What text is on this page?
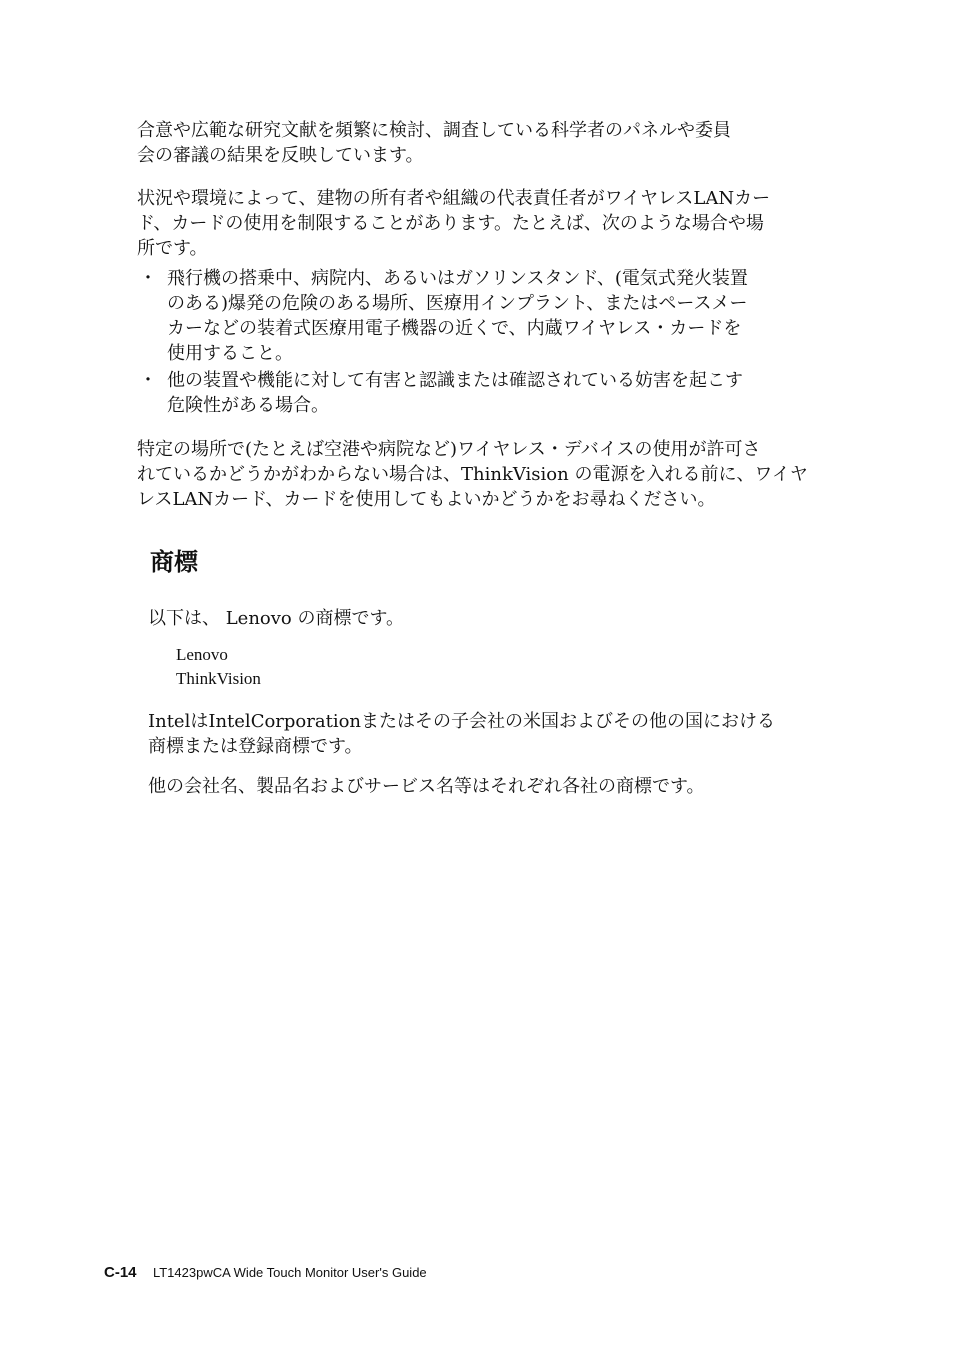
合意や広範な研究文献を頻繁に検討、調査している科学者のパネルや委員
会の審議の結果を反映しています。
状況や環境によって、建物の所有者や組織の代表責任者がワイヤレスLANカー
ド、カードの使用を制限することがあります。たとえば、次のような場合や場
所です。
・ 飛行機の搭乗中、病院内、あるいはガソリンスタンド、(電気式発火装置
のある)爆発の危険のある場所、医療用インプラント、またはペースメー
カーなどの装着式医療用電子機器の近くで、内蔵ワイヤレス・カードを
使用すること。
・ 他の装置や機能に対して有害と認識または確認されている妨害を起こす
危険性がある場合。
特定の場所で(たとえば空港や病院など)ワイヤレス・デバイスの使用が許可さ
れているかどうかがわからない場合は、ThinkVision の電源を入れる前に、ワイヤ
レスLANカード、カードを使用してもよいかどうかをお尋ねください。
商標
以下は、 Lenovo の商標です。
Lenovo
ThinkVision
IntelはIntelCorporationまたはその子会社の米国およびその他の国における
商標または登録商標です。
他の会社名、製品名およびサービス名等はそれぞれ各社の商標です。
C-14 LT1423pwCA Wide Touch Monitor User's Guide
